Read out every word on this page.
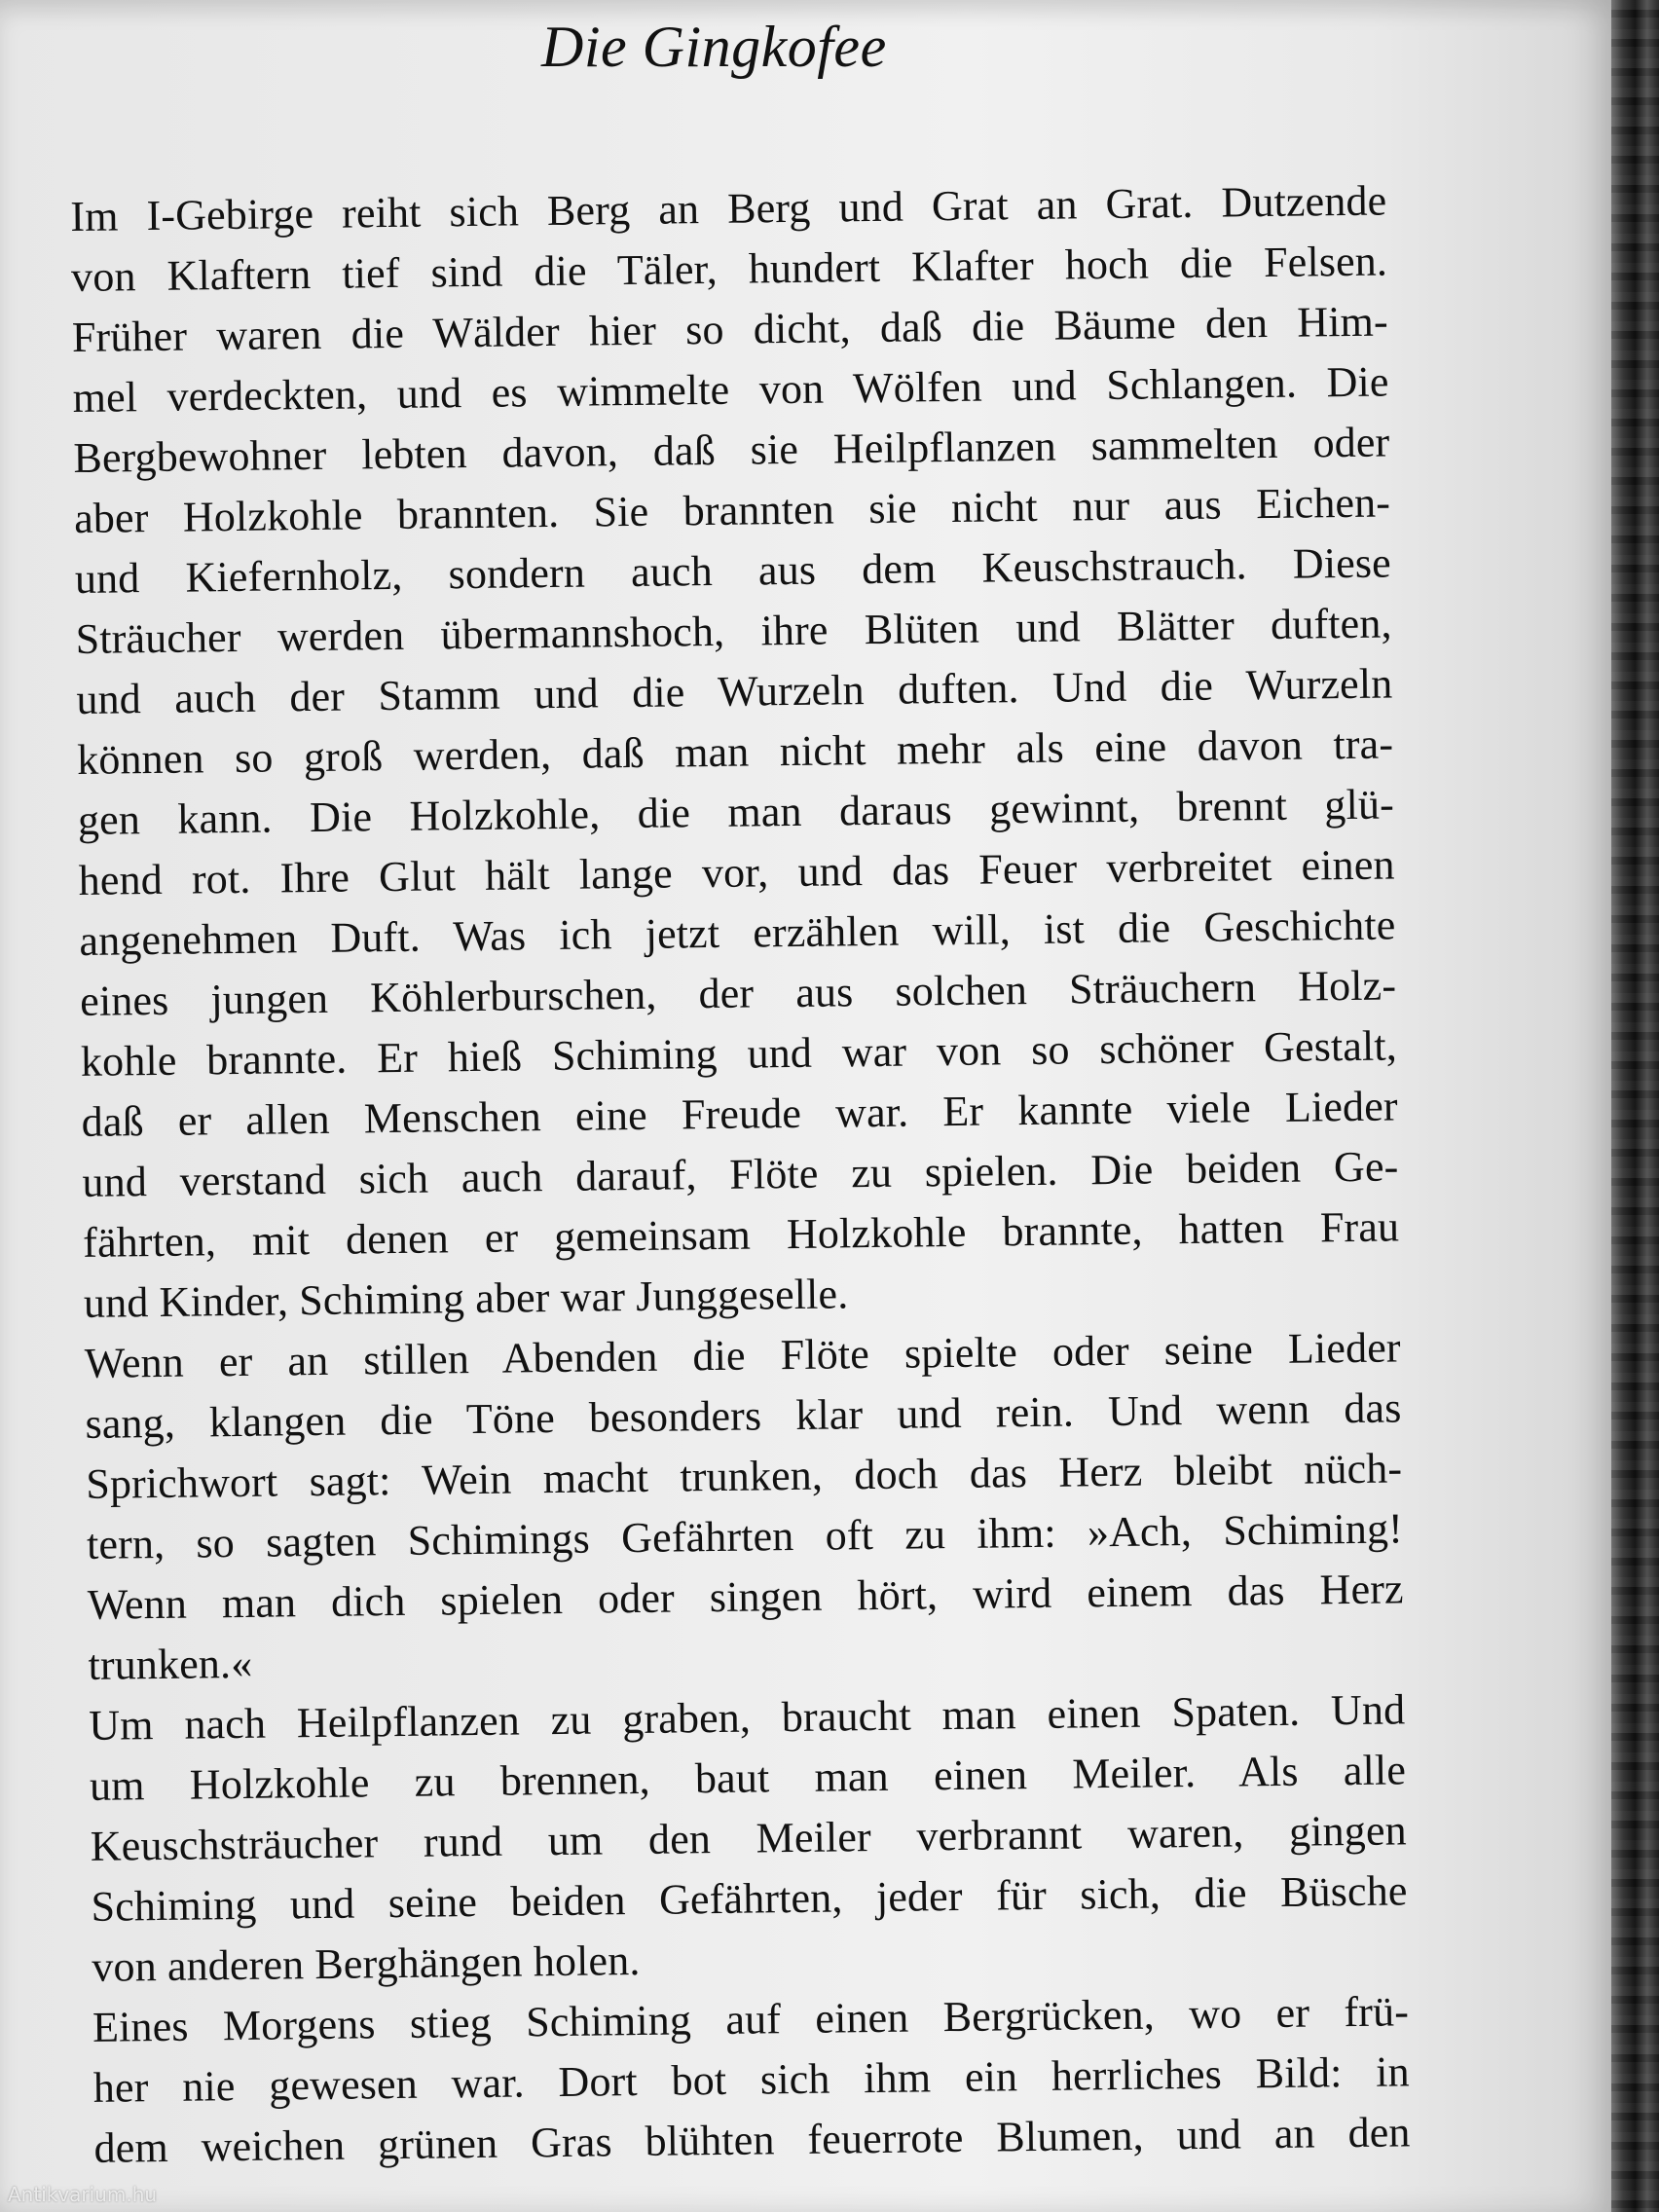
Die Gingkofee
Im I-Gebirge reiht sich Berg an Berg und Grat an Grat. Dutzende
von Klaftern tief sind die Täler, hundert Klafter hoch die Felsen.
Früher waren die Wälder hier so dicht, daß die Bäume den Him-
mel verdeckten, und es wimmelte von Wölfen und Schlangen. Die
Bergbewohner lebten davon, daß sie Heilpflanzen sammelten oder
aber Holzkohle brannten. Sie brannten sie nicht nur aus Eichen-
und Kiefernholz, sondern auch aus dem Keuschstrauch. Diese
Sträucher werden übermannshoch, ihre Blüten und Blätter duften,
und auch der Stamm und die Wurzeln duften. Und die Wurzeln
können so groß werden, daß man nicht mehr als eine davon tra-
gen kann. Die Holzkohle, die man daraus gewinnt, brennt glü-
hend rot. Ihre Glut hält lange vor, und das Feuer verbreitet einen
angenehmen Duft. Was ich jetzt erzählen will, ist die Geschichte
eines jungen Köhlerburschen, der aus solchen Sträuchern Holz-
kohle brannte. Er hieß Schiming und war von so schöner Gestalt,
daß er allen Menschen eine Freude war. Er kannte viele Lieder
und verstand sich auch darauf, Flöte zu spielen. Die beiden Ge-
fährten, mit denen er gemeinsam Holzkohle brannte, hatten Frau
und Kinder, Schiming aber war Junggeselle.
Wenn er an stillen Abenden die Flöte spielte oder seine Lieder
sang, klangen die Töne besonders klar und rein. Und wenn das
Sprichwort sagt: Wein macht trunken, doch das Herz bleibt nüch-
tern, so sagten Schimings Gefährten oft zu ihm: »Ach, Schiming!
Wenn man dich spielen oder singen hört, wird einem das Herz
trunken.«
Um nach Heilpflanzen zu graben, braucht man einen Spaten. Und
um Holzkohle zu brennen, baut man einen Meiler. Als alle
Keuschsträucher rund um den Meiler verbrannt waren, gingen
Schiming und seine beiden Gefährten, jeder für sich, die Büsche
von anderen Berghängen holen.
Eines Morgens stieg Schiming auf einen Bergrücken, wo er frü-
her nie gewesen war. Dort bot sich ihm ein herrliches Bild: in
dem weichen grünen Gras blühten feuerrote Blumen, und an den
Antikvarium.hu
